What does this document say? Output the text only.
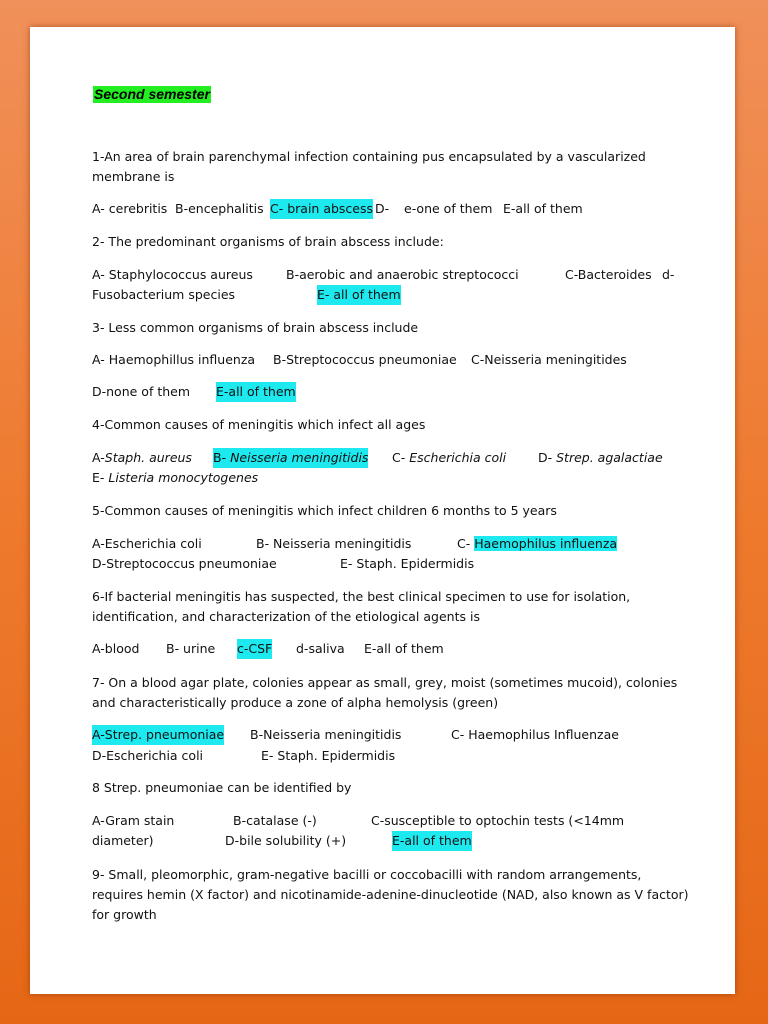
Second semester

1-An area of brain parenchymal infection containing pus encapsulated by a vascularized membrane is

A- cerebritis B-encephalitis C- brain abscess D- e-one of them E-all of them

2- The predominant organisms of brain abscess include:

A- Staphylococcus aureus	B-aerobic and anaerobic streptococci	C-Bacteroides d-
Fusobacterium species	E- all of them

3- Less common organisms of brain abscess include

A- Haemophillus influenza B-Streptococcus pneumoniae C-Neisseria meningitides
D-none of them E-all of them

4-Common causes of meningitis which infect all ages

A-Staph. aureus B- Neisseria meningitidis C- Escherichia coli	D- Strep. agalactiae
E- Listeria monocytogenes

5-Common causes of meningitis which infect children 6 months to 5 years

A-Escherichia coli	B- Neisseria meningitidis	C- Haemophilus influenza
D-Streptococcus pneumoniae	E- Staph. Epidermidis

6-If bacterial meningitis has suspected, the best clinical specimen to use for isolation, identification, and characterization of the etiological agents is

A-blood B- urine c-CSF d-saliva E-all of them

7- On a blood agar plate, colonies appear as small, grey, moist (sometimes mucoid), colonies and characteristically produce a zone of alpha hemolysis (green)

A-Strep. pneumoniae B-Neisseria meningitidis	C- Haemophilus Influenzae
D-Escherichia coli	E- Staph. Epidermidis

8 Strep. pneumoniae can be identified by

A-Gram stain	B-catalase (-)	C-susceptible to optochin tests (<14mm
diameter)	D-bile solubility (+)	E-all of them

9- Small, pleomorphic, gram-negative bacilli or coccobacilli with random arrangements, requires hemin (X factor) and nicotinamide-adenine-dinucleotide (NAD, also known as V factor) for growth
